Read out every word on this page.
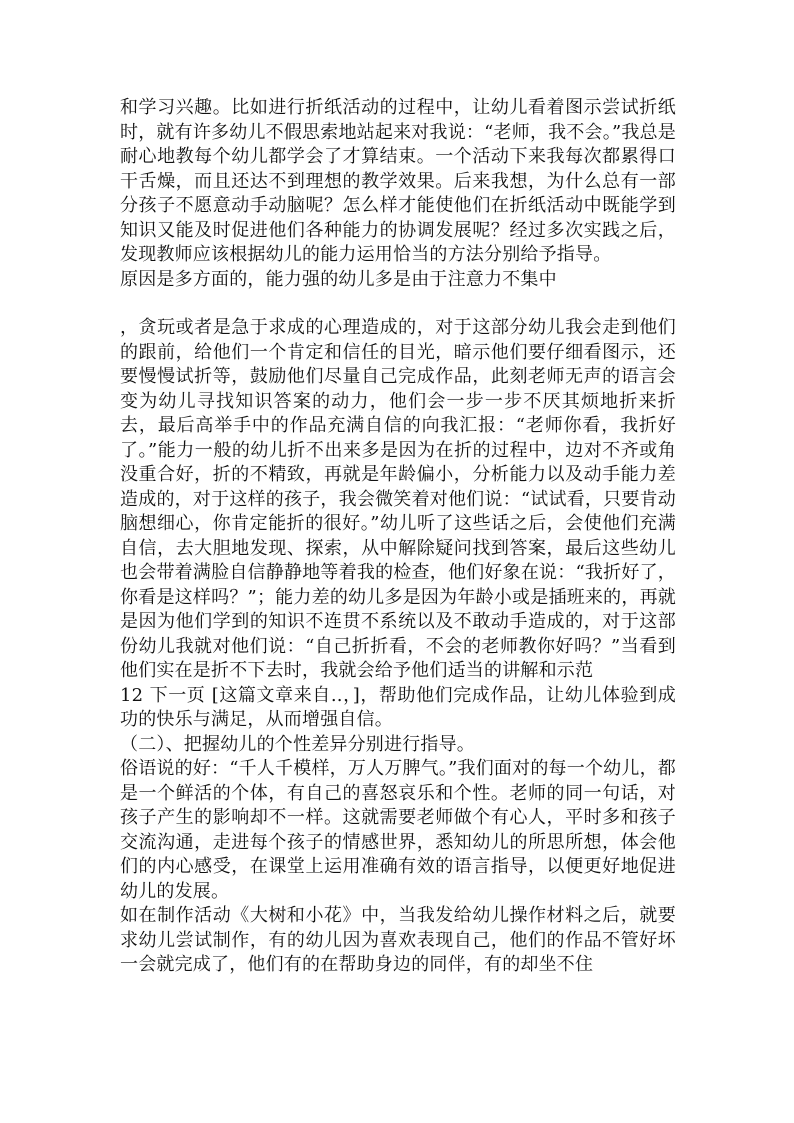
和学习兴趣。比如进行折纸活动的过程中，让幼儿看着图示尝试折纸时，就有许多幼儿不假思索地站起来对我说：“老师，我不会。”我总是耐心地教每个幼儿都学会了才算结束。一个活动下来我每次都累得口干舌燥，而且还达不到理想的教学效果。后来我想，为什么总有一部分孩子不愿意动手动脑呢？怎么样才能使他们在折纸活动中既能学到知识又能及时促进他们各种能力的协调发展呢？经过多次实践之后，发现教师应该根据幼儿的能力运用恰当的方法分别给予指导。

原因是多方面的，能力强的幼儿多是由于注意力不集中

，贪玩或者是急于求成的心理造成的，对于这部分幼儿我会走到他们的跟前，给他们一个肯定和信任的目光，暗示他们要仔细看图示，还要慢慢试折等，鼓励他们尽量自己完成作品，此刻老师无声的语言会变为幼儿寻找知识答案的动力，他们会一步一步不厌其烦地折来折去，最后高举手中的作品充满自信的向我汇报：“老师你看，我折好了。”能力一般的幼儿折不出来多是因为在折的过程中，边对不齐或角没重合好，折的不精致，再就是年龄偏小，分析能力以及动手能力差造成的，对于这样的孩子，我会微笑着对他们说：“试试看，只要肯动脑想细心，你肯定能折的很好。”幼儿听了这些话之后，会使他们充满自信，去大胆地发现、探索，从中解除疑问找到答案，最后这些幼儿也会带着满脸自信静静地等着我的检查，他们好象在说：“我折好了，你看是这样吗？”；能力差的幼儿多是因为年龄小或是插班来的，再就是因为他们学到的知识不连贯不系统以及不敢动手造成的，对于这部份幼儿我就对他们说：“自己折折看，不会的老师教你好吗？”当看到他们实在是折不下去时，我就会给予他们适当的讲解和示范

12 下一页 [这篇文章来自..，]，帮助他们完成作品，让幼儿体验到成功的快乐与满足，从而增强自信。

（二）、把握幼儿的个性差异分别进行指导。

俗语说的好：“千人千模样，万人万脾气。”我们面对的每一个幼儿，都是一个鲜活的个体，有自己的喜怒哀乐和个性。老师的同一句话，对孩子产生的影响却不一样。这就需要老师做个有心人，平时多和孩子交流沟通，走进每个孩子的情感世界，悉知幼儿的所思所想，体会他们的内心感受，在课堂上运用准确有效的语言指导，以便更好地促进幼儿的发展。

如在制作活动《大树和小花》中，当我发给幼儿操作材料之后，就要求幼儿尝试制作，有的幼儿因为喜欢表现自己，他们的作品不管好坏一会就完成了，他们有的在帮助身边的同伴，有的却坐不住
